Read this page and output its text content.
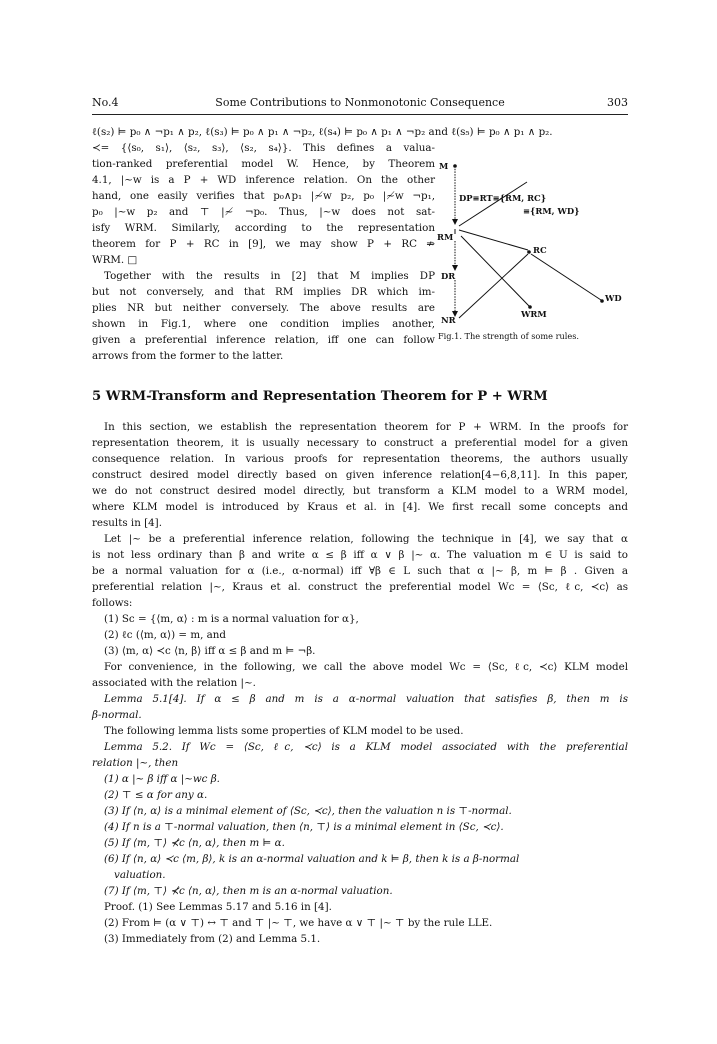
No.4	Some Contributions to Nonmonotonic Consequence	303
ℓ(s₂) ⊨ p₀ ∧ ¬p₁ ∧ p₂, ℓ(s₃) ⊨ p₀ ∧ p₁ ∧ ¬p₂, ℓ(s₄) ⊨ p₀ ∧ p₁ ∧ ¬p₂ and ℓ(s₅) ⊨ p₀ ∧ p₁ ∧ p₂.
≺= {⟨s₀, s₁⟩, ⟨s₂, s₃⟩, ⟨s₂, s₄⟩}. This defines a valua-
tion-ranked preferential model W. Hence, by Theorem
4.1, |∼w is a P + WD inference relation. On the other
hand, one easily verifies that p₀∧p₁ |≁w p₂, p₀ |≁w ¬p₁,
p₀ |∼w p₂ and ⊤ |≁ ¬p₀. Thus, |∼w does not sat-
isfy WRM. Similarly, according to the representation
theorem for P + RC in [9], we may show P + RC ⇏
WRM. □
Together with the results in [2] that M implies DP
but not conversely, and that RM implies DR which im-
plies NR but neither conversely. The above results are
shown in Fig.1, where one condition implies another,
given a preferential inference relation, iff one can follow
arrows from the former to the latter.
M
DP≡RT≡{RM, RC}
≡{RM, WD}
RM
RC
DR
WD
NR
WRM
Fig.1. The strength of some rules.
5 WRM-Transform and Representation Theorem for P + WRM
In this section, we establish the representation theorem for P + WRM. In the proofs for
representation theorem, it is usually necessary to construct a preferential model for a given
consequence relation. In various proofs for representation theorems, the authors usually
construct desired model directly based on given inference relation[4−6,8,11]. In this paper,
we do not construct desired model directly, but transform a KLM model to a WRM model,
where KLM model is introduced by Kraus et al. in [4]. We first recall some concepts and
results in [4].
Let |∼ be a preferential inference relation, following the technique in [4], we say that α
is not less ordinary than β and write α ≤ β iff α ∨ β |∼ α. The valuation m ∈ U is said to
be a normal valuation for α (i.e., α-normal) iff ∀β ∈ L such that α |∼ β, m ⊨ β . Given a
preferential relation |∼, Kraus et al. construct the preferential model Wc = ⟨Sc, ℓc, ≺c⟩ as
follows:
(1) Sc = {⟨m, α⟩ : m is a normal valuation for α},
(2) ℓc (⟨m, α⟩) = m, and
(3) ⟨m, α⟩ ≺c ⟨n, β⟩ iff α ≤ β and m ⊨ ¬β.
For convenience, in the following, we call the above model Wc = ⟨Sc, ℓc, ≺c⟩ KLM model
associated with the relation |∼.
Lemma 5.1[4]. If α ≤ β and m is a α-normal valuation that satisfies β, then m is
β-normal.
The following lemma lists some properties of KLM model to be used.
Lemma 5.2. If Wc = ⟨Sc, ℓc, ≺c⟩ is a KLM model associated with the preferential
relation |∼, then
(1) α |∼ β iff α |∼wc β.
(2) ⊤ ≤ α for any α.
(3) If ⟨n, α⟩ is a minimal element of ⟨Sc, ≺c⟩, then the valuation n is ⊤-normal.
(4) If n is a ⊤-normal valuation, then ⟨n, ⊤⟩ is a minimal element in ⟨Sc, ≺c⟩.
(5) If ⟨m, ⊤⟩ ⊀c ⟨n, α⟩, then m ⊨ α.
(6) If ⟨n, α⟩ ≺c ⟨m, β⟩, k is an α-normal valuation and k ⊨ β, then k is a β-normal
valuation.
(7) If ⟨m, ⊤⟩ ⊀c ⟨n, α⟩, then m is an α-normal valuation.
Proof. (1) See Lemmas 5.17 and 5.16 in [4].
(2) From ⊨ (α ∨ ⊤) ↔ ⊤ and ⊤ |∼ ⊤, we have α ∨ ⊤ |∼ ⊤ by the rule LLE.
(3) Immediately from (2) and Lemma 5.1.
